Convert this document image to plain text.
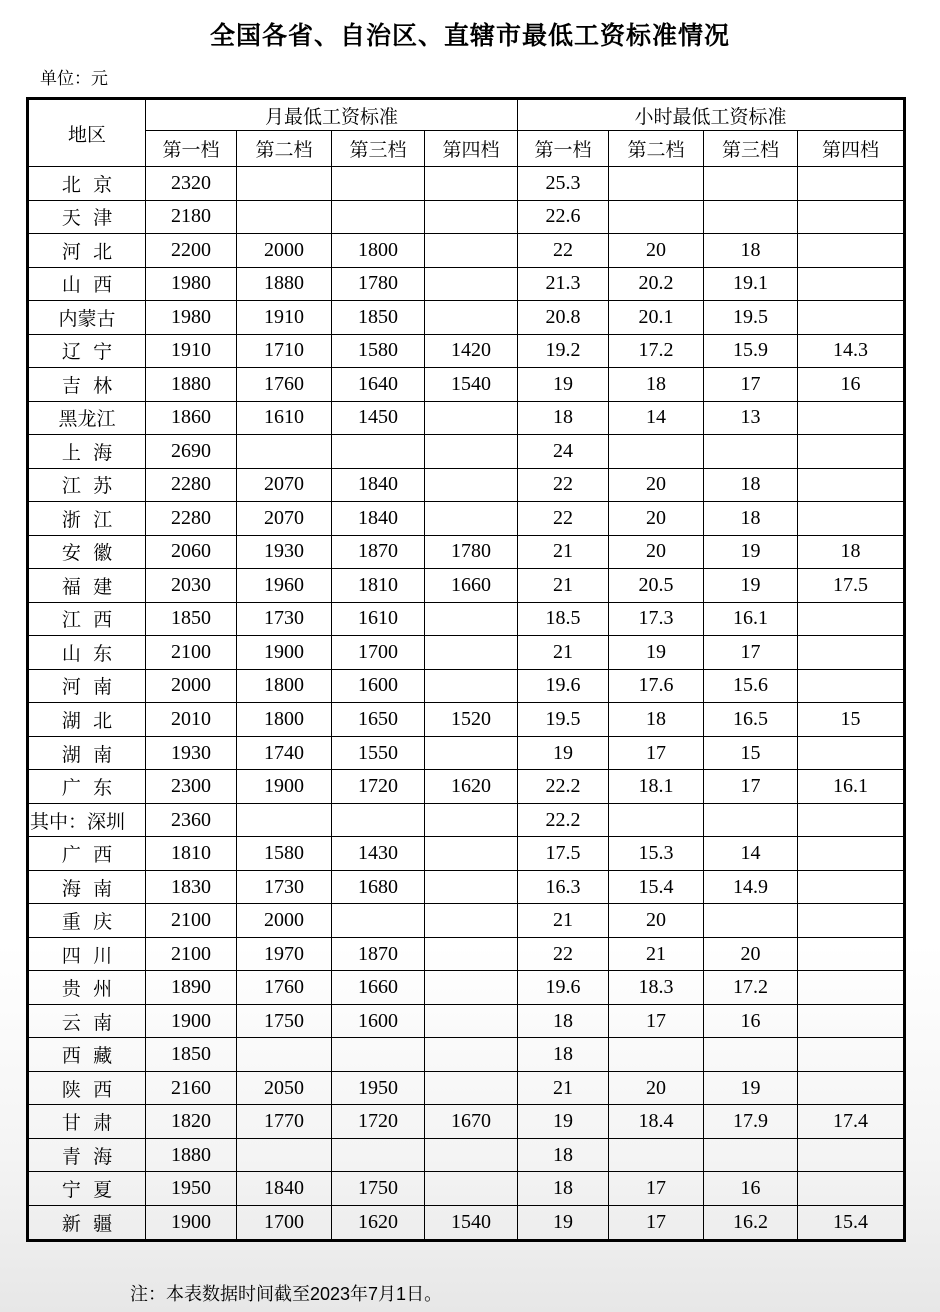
全国各省、自治区、直辖市最低工资标准情况
单位：元
地区	月最低工资标准				小时最低工资标准			
	第一档	第二档	第三档	第四档	第一档	第二档	第三档	第四档
北 京	2320				25.3			
天 津	2180				22.6			
河 北	2200	2000	1800		22	20	18	
山 西	1980	1880	1780		21.3	20.2	19.1	
内蒙古	1980	1910	1850		20.8	20.1	19.5	
辽 宁	1910	1710	1580	1420	19.2	17.2	15.9	14.3
吉 林	1880	1760	1640	1540	19	18	17	16
黑龙江	1860	1610	1450		18	14	13	
上 海	2690				24			
江 苏	2280	2070	1840		22	20	18	
浙 江	2280	2070	1840		22	20	18	
安 徽	2060	1930	1870	1780	21	20	19	18
福 建	2030	1960	1810	1660	21	20.5	19	17.5
江 西	1850	1730	1610		18.5	17.3	16.1	
山 东	2100	1900	1700		21	19	17	
河 南	2000	1800	1600		19.6	17.6	15.6	
湖 北	2010	1800	1650	1520	19.5	18	16.5	15
湖 南	1930	1740	1550		19	17	15	
广 东	2300	1900	1720	1620	22.2	18.1	17	16.1
其中：深圳	2360				22.2			
广 西	1810	1580	1430		17.5	15.3	14	
海 南	1830	1730	1680		16.3	15.4	14.9	
重 庆	2100	2000			21	20		
四 川	2100	1970	1870		22	21	20	
贵 州	1890	1760	1660		19.6	18.3	17.2	
云 南	1900	1750	1600		18	17	16	
西 藏	1850				18			
陕 西	2160	2050	1950		21	20	19	
甘 肃	1820	1770	1720	1670	19	18.4	17.9	17.4
青 海	1880				18			
宁 夏	1950	1840	1750		18	17	16	
新 疆	1900	1700	1620	1540	19	17	16.2	15.4
注：本表数据时间截至2023年7月1日。
